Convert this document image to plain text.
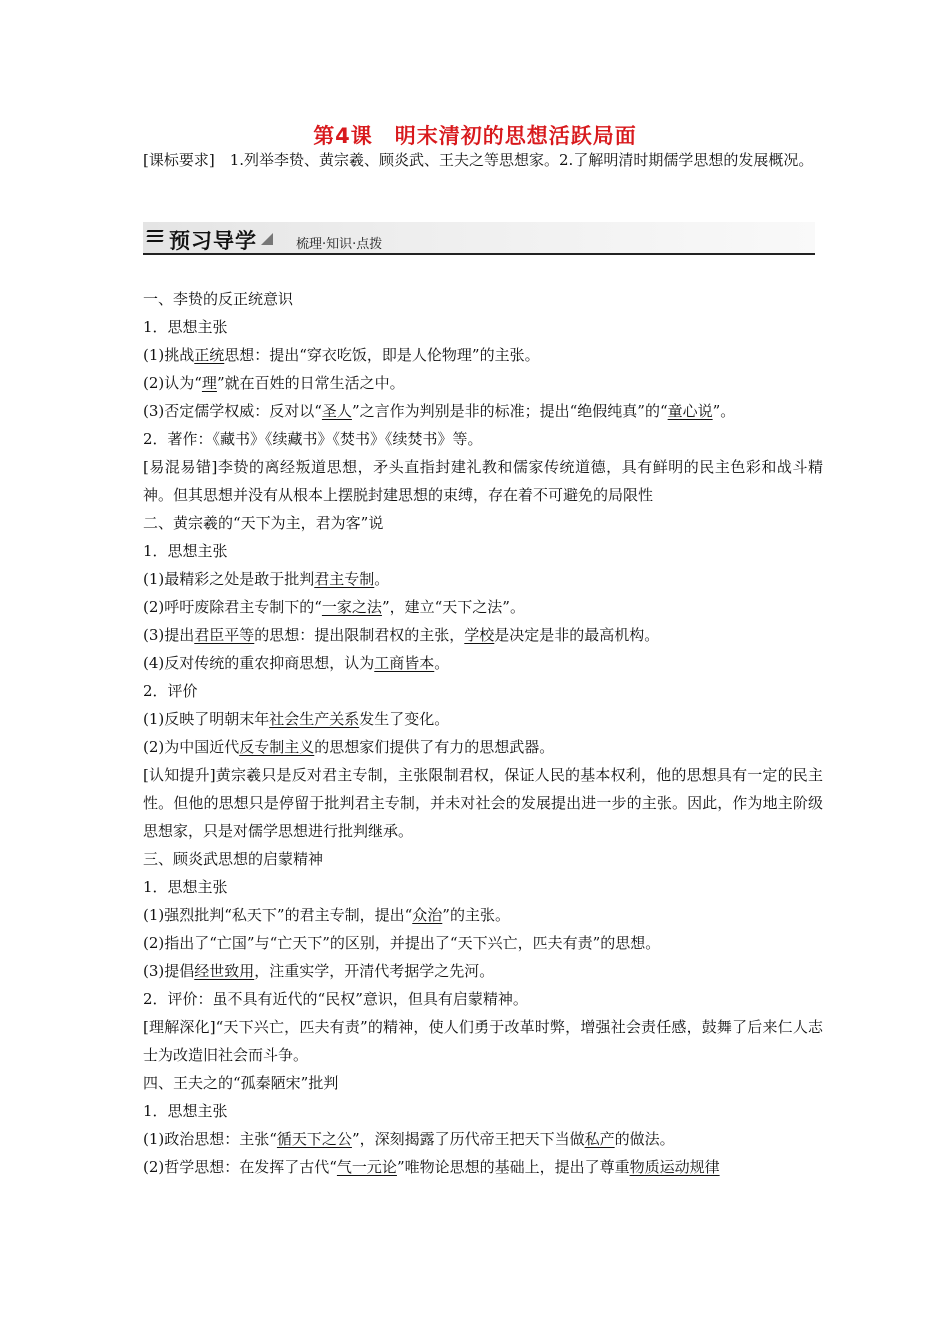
第4课　明末清初的思想活跃局面
[课标要求]　1.列举李贽、黄宗羲、顾炎武、王夫之等思想家。2.了解明清时期儒学思想的发展概况。
预习导学	梳理·知识·点拨

一、李贽的反正统意识

1．思想主张

(1)挑战正统思想：提出“穿衣吃饭，即是人伦物理”的主张。

(2)认为“理”就在百姓的日常生活之中。

(3)否定儒学权威：反对以“圣人”之言作为判别是非的标准；提出“绝假纯真”的“童心说”。

2．著作：《藏书》《续藏书》《焚书》《续焚书》等。

[易混易错]李贽的离经叛道思想，矛头直指封建礼教和儒家传统道德，具有鲜明的民主色彩和战斗精神。但其思想并没有从根本上摆脱封建思想的束缚，存在着不可避免的局限性

二、黄宗羲的“天下为主，君为客”说

1．思想主张

(1)最精彩之处是敢于批判君主专制。

(2)呼吁废除君主专制下的“一家之法”，建立“天下之法”。

(3)提出君臣平等的思想：提出限制君权的主张，学校是决定是非的最高机构。

(4)反对传统的重农抑商思想，认为工商皆本。

2．评价

(1)反映了明朝末年社会生产关系发生了变化。

(2)为中国近代反专制主义的思想家们提供了有力的思想武器。

[认知提升]黄宗羲只是反对君主专制，主张限制君权，保证人民的基本权利，他的思想具有一定的民主性。但他的思想只是停留于批判君主专制，并未对社会的发展提出进一步的主张。因此，作为地主阶级思想家，只是对儒学思想进行批判继承。

三、顾炎武思想的启蒙精神

1．思想主张

(1)强烈批判“私天下”的君主专制，提出“众治”的主张。

(2)指出了“亡国”与“亡天下”的区别，并提出了“天下兴亡，匹夫有责”的思想。

(3)提倡经世致用，注重实学，开清代考据学之先河。

2．评价：虽不具有近代的“民权”意识，但具有启蒙精神。

[理解深化]“天下兴亡，匹夫有责”的精神，使人们勇于改革时弊，增强社会责任感，鼓舞了后来仁人志士为改造旧社会而斗争。

四、王夫之的“孤秦陋宋”批判

1．思想主张

(1)政治思想：主张“循天下之公”，深刻揭露了历代帝王把天下当做私产的做法。

(2)哲学思想：在发挥了古代“气一元论”唯物论思想的基础上，提出了尊重物质运动规律
